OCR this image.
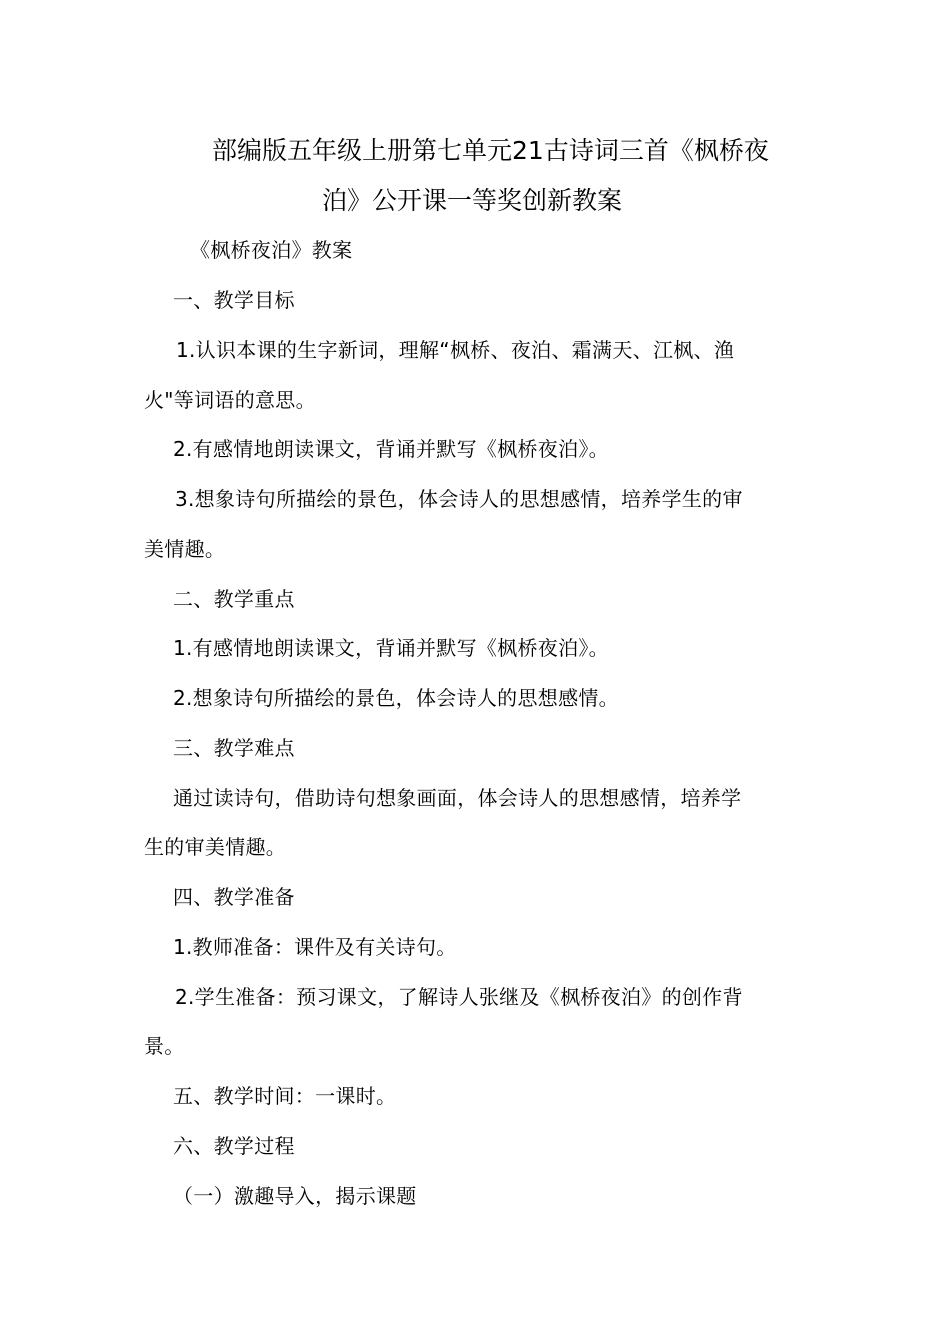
部编版五年级上册第七单元21古诗词三首《枫桥夜
泊》公开课一等奖创新教案
《枫桥夜泊》教案
一、教学目标
1.认识本课的生字新词，理解“枫桥、夜泊、霜满天、江枫、渔
火"等词语的意思。
2.有感情地朗读课文，背诵并默写《枫桥夜泊》。
3.想象诗句所描绘的景色，体会诗人的思想感情，培养学生的审
美情趣。
二、教学重点
1.有感情地朗读课文，背诵并默写《枫桥夜泊》。
2.想象诗句所描绘的景色，体会诗人的思想感情。
三、教学难点
通过读诗句，借助诗句想象画面，体会诗人的思想感情，培养学
生的审美情趣。
四、教学准备
1.教师准备：课件及有关诗句。
2.学生准备：预习课文，了解诗人张继及《枫桥夜泊》的创作背
景。
五、教学时间：一课时。
六、教学过程
（一）激趣导入，揭示课题
